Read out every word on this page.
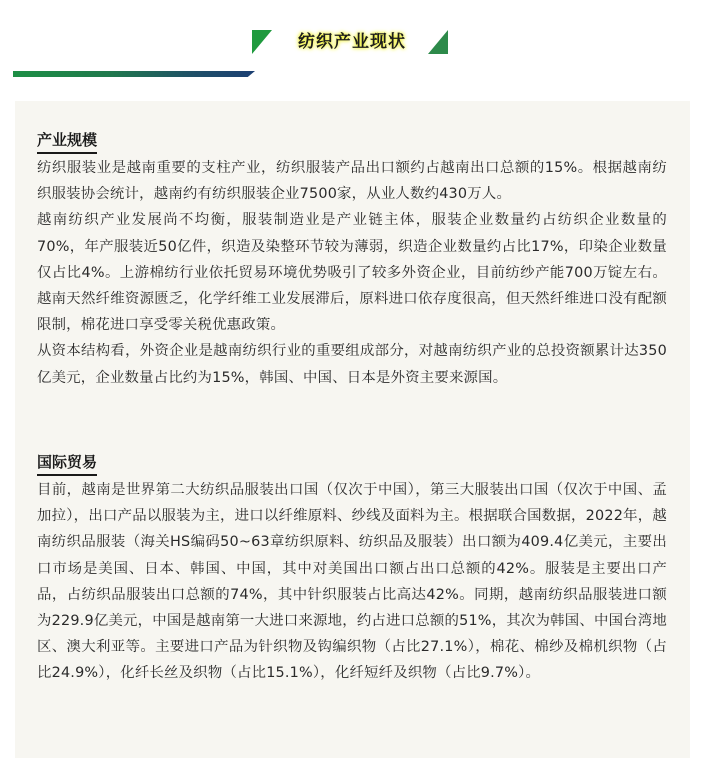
纺织产业现状
产业规模

纺织服装业是越南重要的支柱产业，纺织服装产品出口额约占越南出口总额的15%。根据越南纺织服装协会统计，越南约有纺织服装企业7500家，从业人数约430万人。

越南纺织产业发展尚不均衡，服装制造业是产业链主体，服装企业数量约占纺织企业数量的70%，年产服装近50亿件，织造及染整环节较为薄弱，织造企业数量约占比17%，印染企业数量仅占比4%。上游棉纺行业依托贸易环境优势吸引了较多外资企业，目前纺纱产能700万锭左右。越南天然纤维资源匮乏，化学纤维工业发展滞后，原料进口依存度很高，但天然纤维进口没有配额限制，棉花进口享受零关税优惠政策。

从资本结构看，外资企业是越南纺织行业的重要组成部分，对越南纺织产业的总投资额累计达350亿美元，企业数量占比约为15%，韩国、中国、日本是外资主要来源国。

国际贸易

目前，越南是世界第二大纺织品服装出口国（仅次于中国），第三大服装出口国（仅次于中国、孟加拉），出口产品以服装为主，进口以纤维原料、纱线及面料为主。根据联合国数据，2022年，越南纺织品服装（海关HS编码50~63章纺织原料、纺织品及服装）出口额为409.4亿美元，主要出口市场是美国、日本、韩国、中国，其中对美国出口额占出口总额的42%。服装是主要出口产品，占纺织品服装出口总额的74%，其中针织服装占比高达42%。同期，越南纺织品服装进口额为229.9亿美元，中国是越南第一大进口来源地，约占进口总额的51%，其次为韩国、中国台湾地区、澳大利亚等。主要进口产品为针织物及钩编织物（占比27.1%），棉花、棉纱及棉机织物（占比24.9%），化纤长丝及织物（占比15.1%），化纤短纤及织物（占比9.7%）。
